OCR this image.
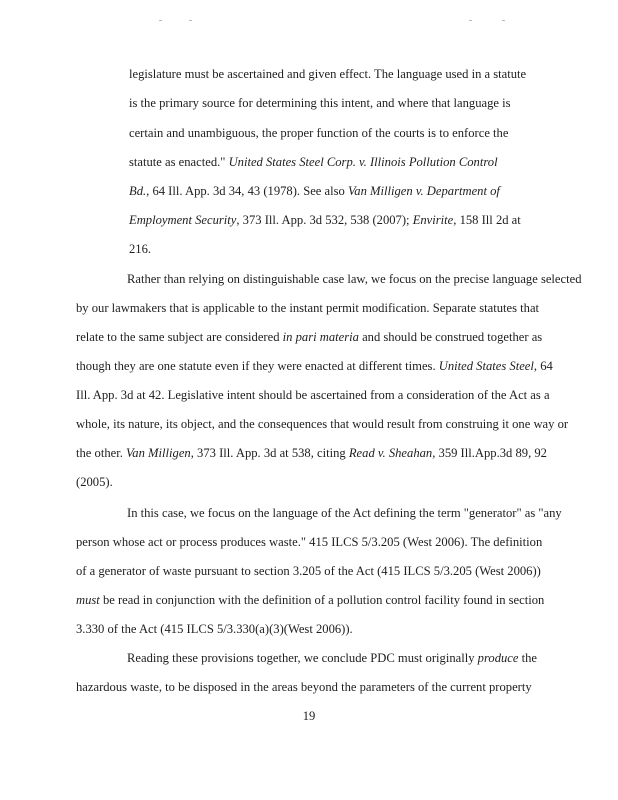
legislature must be ascertained and given effect. The language used in a statute
is the primary source for determining this intent, and where that language is
certain and unambiguous, the proper function of the courts is to enforce the
statute as enacted." United States Steel Corp. v. Illinois Pollution Control
Bd., 64 Ill. App. 3d 34, 43 (1978). See also Van Milligen v. Department of
Employment Security, 373 Ill. App. 3d 532, 538 (2007); Envirite, 158 Ill 2d at
216.
Rather than relying on distinguishable case law, we focus on the precise language selected
by our lawmakers that is applicable to the instant permit modification. Separate statutes that
relate to the same subject are considered in pari materia and should be construed together as
though they are one statute even if they were enacted at different times. United States Steel, 64
Ill. App. 3d at 42. Legislative intent should be ascertained from a consideration of the Act as a
whole, its nature, its object, and the consequences that would result from construing it one way or
the other. Van Milligen, 373 Ill. App. 3d at 538, citing Read v. Sheahan, 359 Ill.App.3d 89, 92
(2005).
In this case, we focus on the language of the Act defining the term "generator" as "any
person whose act or process produces waste." 415 ILCS 5/3.205 (West 2006). The definition
of a generator of waste pursuant to section 3.205 of the Act (415 ILCS 5/3.205 (West 2006))
must be read in conjunction with the definition of a pollution control facility found in section
3.330 of the Act (415 ILCS 5/3.330(a)(3)(West 2006)).
Reading these provisions together, we conclude PDC must originally produce the
hazardous waste, to be disposed in the areas beyond the parameters of the current property
19
